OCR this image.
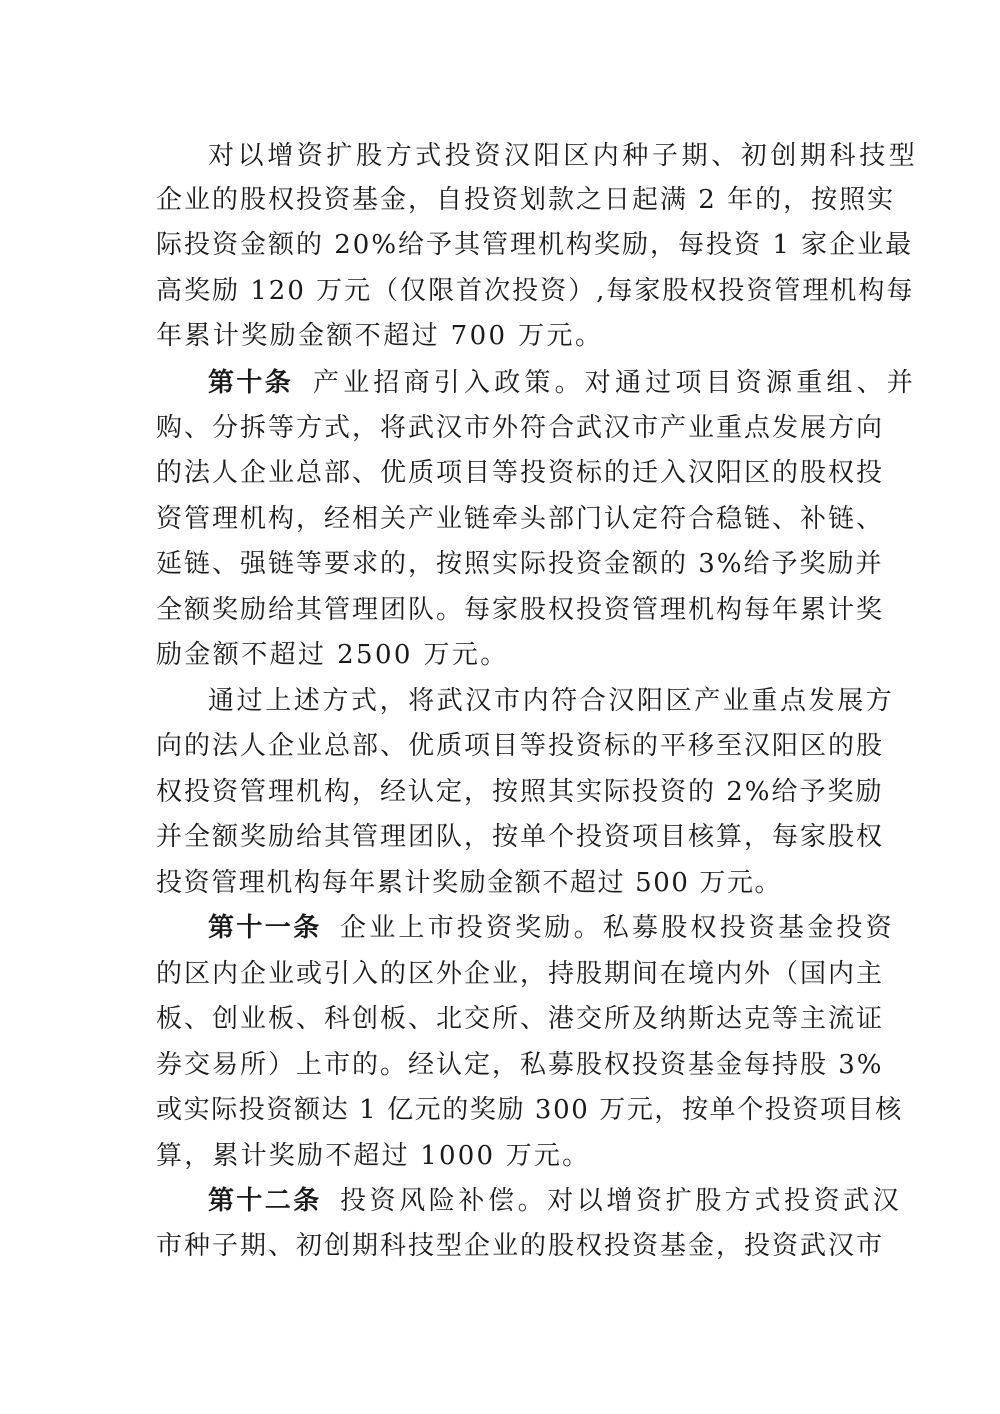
对以增资扩股方式投资汉阳区内种子期、初创期科技型
企业的股权投资基金，自投资划款之日起满 2 年的，按照实
际投资金额的 20%给予其管理机构奖励，每投资 1 家企业最
高奖励 120 万元（仅限首次投资）,每家股权投资管理机构每
年累计奖励金额不超过 700 万元。
第十条 产业招商引入政策。对通过项目资源重组、并
购、分拆等方式，将武汉市外符合武汉市产业重点发展方向
的法人企业总部、优质项目等投资标的迁入汉阳区的股权投
资管理机构，经相关产业链牵头部门认定符合稳链、补链、
延链、强链等要求的，按照实际投资金额的 3%给予奖励并
全额奖励给其管理团队。每家股权投资管理机构每年累计奖
励金额不超过 2500 万元。
通过上述方式，将武汉市内符合汉阳区产业重点发展方
向的法人企业总部、优质项目等投资标的平移至汉阳区的股
权投资管理机构，经认定，按照其实际投资的 2%给予奖励
并全额奖励给其管理团队，按单个投资项目核算，每家股权
投资管理机构每年累计奖励金额不超过 500 万元。
第十一条 企业上市投资奖励。私募股权投资基金投资
的区内企业或引入的区外企业，持股期间在境内外（国内主
板、创业板、科创板、北交所、港交所及纳斯达克等主流证
券交易所）上市的。经认定，私募股权投资基金每持股 3%
或实际投资额达 1 亿元的奖励 300 万元，按单个投资项目核
算，累计奖励不超过 1000 万元。
第十二条 投资风险补偿。对以增资扩股方式投资武汉
市种子期、初创期科技型企业的股权投资基金，投资武汉市
